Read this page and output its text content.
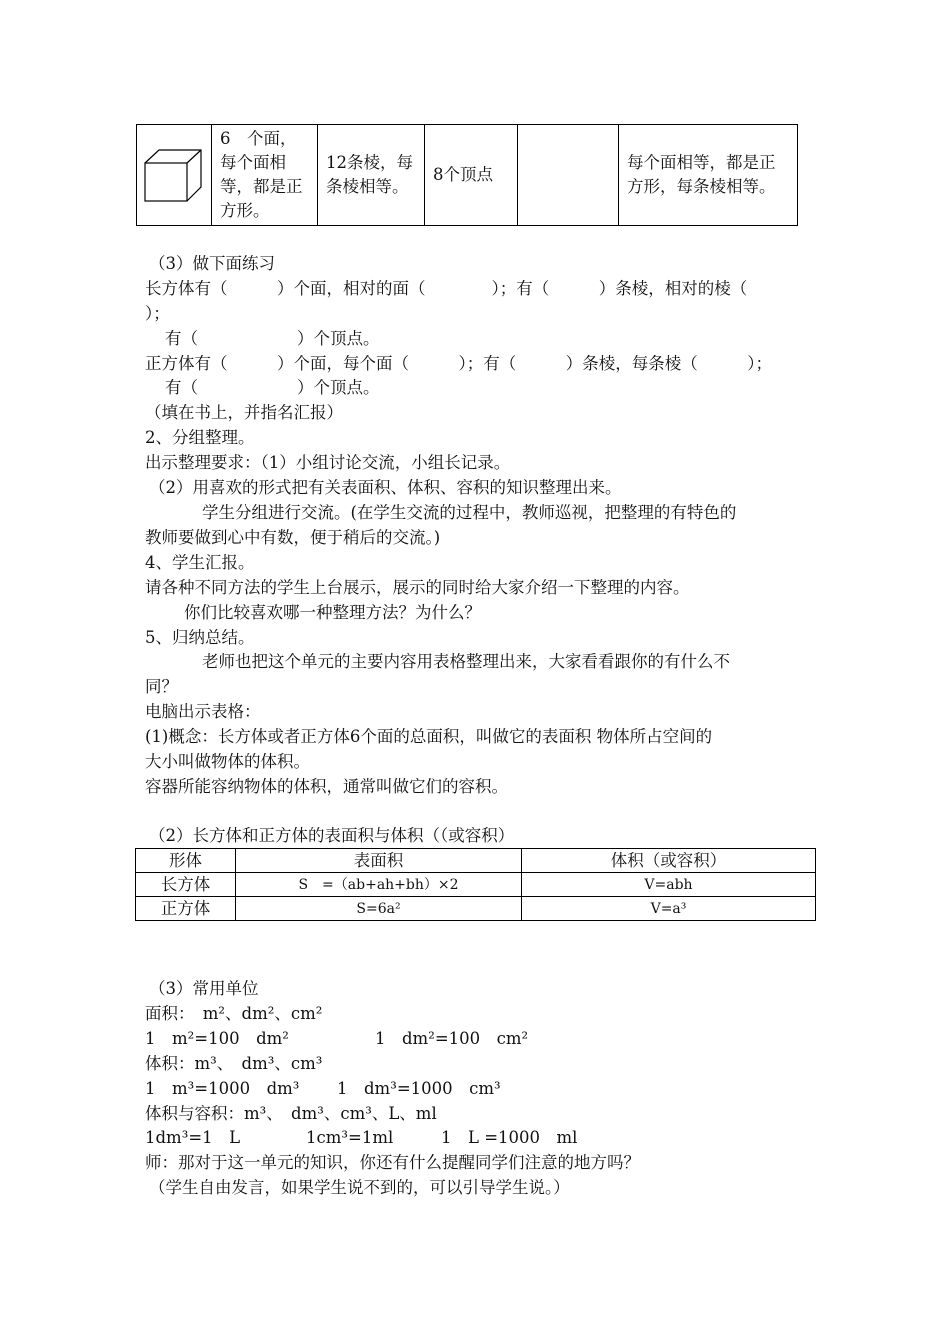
	6　个面，每个面相等，都是正方形。	12条棱，每条棱相等。	8个顶点		每个面相等，都是正方形，每条棱相等。
（3）做下面练习
长方体有（　　　）个面，相对的面（　　　　）；有（　　　）条棱，相对的棱（
）；
有（　　　　　　）个顶点。
正方体有（　　　）个面，每个面（　　　）；有（　　　）条棱，每条棱（　　　）；
有（　　　　　　）个顶点。
（填在书上，并指名汇报）
2、分组整理。
出示整理要求：（1）小组讨论交流，小组长记录。
（2）用喜欢的形式把有关表面积、体积、容积的知识整理出来。
学生分组进行交流。(在学生交流的过程中，教师巡视，把整理的有特色的
教师要做到心中有数，便于稍后的交流。)
4、学生汇报。
请各种不同方法的学生上台展示，展示的同时给大家介绍一下整理的内容。
你们比较喜欢哪一种整理方法？为什么？
5、归纳总结。
老师也把这个单元的主要内容用表格整理出来，大家看看跟你的有什么不
同？
电脑出示表格：
(1)概念：长方体或者正方体6个面的总面积，叫做它的表面积 物体所占空间的
大小叫做物体的体积。
容器所能容纳物体的体积，通常叫做它们的容积。
（2）长方体和正方体的表面积与体积（（或容积）
形体	表面积	体积（或容积）
长方体	S　=（ab+ah+bh）×2	V=abh
正方体	S=6a²	V=a³
（3）常用单位
面积：　m²、dm²、cm²
1　m²=100　dm²	1　dm²=100　cm²
体积：m³、　dm³、cm³
1　m³=1000　dm³ 1　dm³=1000　cm³
体积与容积：m³、　dm³、cm³、L、ml
1dm³=1　L	1cm³=1ml	1　L =1000　ml
师：那对于这一单元的知识，你还有什么提醒同学们注意的地方吗？
（学生自由发言，如果学生说不到的，可以引导学生说。）
